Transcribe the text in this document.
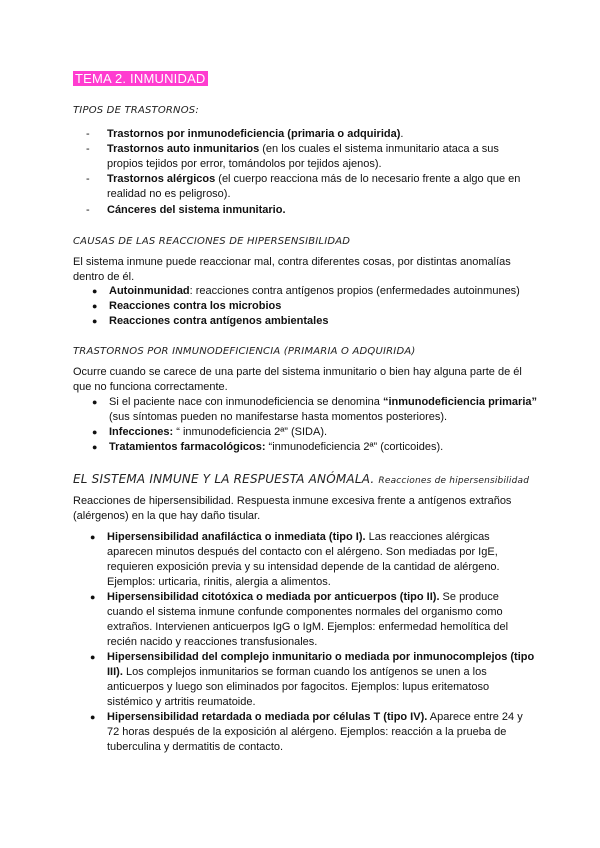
TEMA 2. INMUNIDAD
TIPOS DE TRASTORNOS:
- Trastornos por inmunodeficiencia (primaria o adquirida).
- Trastornos auto inmunitarios (en los cuales el sistema inmunitario ataca a sus propios tejidos por error, tomándolos por tejidos ajenos).
- Trastornos alérgicos (el cuerpo reacciona más de lo necesario frente a algo que en realidad no es peligroso).
- Cánceres del sistema inmunitario.
CAUSAS DE LAS REACCIONES DE HIPERSENSIBILIDAD
El sistema inmune puede reaccionar mal, contra diferentes cosas, por distintas anomalías dentro de él.
● Autoinmunidad: reacciones contra antígenos propios (enfermedades autoinmunes)
● Reacciones contra los microbios
● Reacciones contra antígenos ambientales
TRASTORNOS POR INMUNODEFICIENCIA (PRIMARIA O ADQUIRIDA)
Ocurre cuando se carece de una parte del sistema inmunitario o bien hay alguna parte de él que no funciona correctamente.
● Si el paciente nace con inmunodeficiencia se denomina “inmunodeficiencia primaria” (sus síntomas pueden no manifestarse hasta momentos posteriores).
● Infecciones: “ inmunodeficiencia 2ª” (SIDA).
● Tratamientos farmacológicos: “inmunodeficiencia 2ª” (corticoides).
EL SISTEMA INMUNE Y LA RESPUESTA ANÓMALA. Reacciones de hipersensibilidad
Reacciones de hipersensibilidad. Respuesta inmune excesiva frente a antígenos extraños (alérgenos) en la que hay daño tisular.
● Hipersensibilidad anafiláctica o inmediata (tipo I). Las reacciones alérgicas aparecen minutos después del contacto con el alérgeno. Son mediadas por IgE, requieren exposición previa y su intensidad depende de la cantidad de alérgeno. Ejemplos: urticaria, rinitis, alergia a alimentos.
● Hipersensibilidad citotóxica o mediada por anticuerpos (tipo II). Se produce cuando el sistema inmune confunde componentes normales del organismo como extraños. Intervienen anticuerpos IgG o IgM. Ejemplos: enfermedad hemolítica del recién nacido y reacciones transfusionales.
● Hipersensibilidad del complejo inmunitario o mediada por inmunocomplejos (tipo III). Los complejos inmunitarios se forman cuando los antígenos se unen a los anticuerpos y luego son eliminados por fagocitos. Ejemplos: lupus eritematoso sistémico y artritis reumatoide.
● Hipersensibilidad retardada o mediada por células T (tipo IV). Aparece entre 24 y 72 horas después de la exposición al alérgeno. Ejemplos: reacción a la prueba de tuberculina y dermatitis de contacto.
